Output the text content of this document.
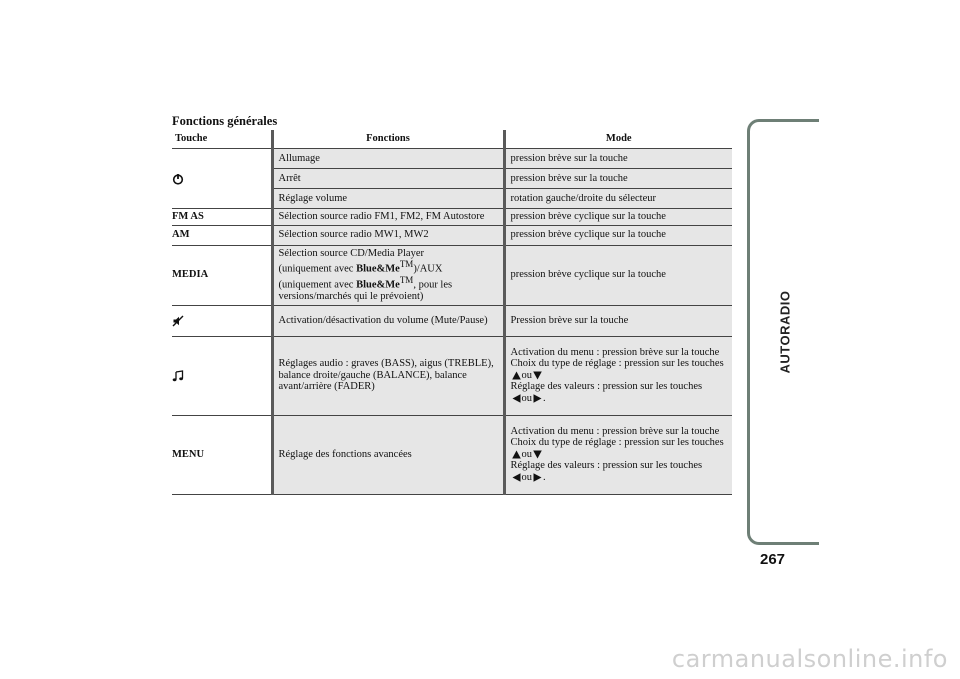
Fonctions générales
Touche	Fonctions	Mode
	Allumage	pression brève sur la touche
	Arrêt	pression brève sur la touche
	Réglage volume	rotation gauche/droite du sélecteur
FM AS	Sélection source radio FM1, FM2, FM Autostore	pression brève cyclique sur la touche
AM	Sélection source radio MW1, MW2	pression brève cyclique sur la touche
MEDIA	Sélection source CD/Media Player
(uniquement avec Blue&MeTM)/AUX
(uniquement avec Blue&MeTM, pour les versions/marchés qui le prévoient)	pression brève cyclique sur la touche
	Activation/désactivation du volume (Mute/Pause)	Pression brève sur la touche
	Réglages audio : graves (BASS), aigus (TREBLE), balance droite/gauche (BALANCE), balance avant/arrière (FADER)	Activation du menu : pression brève sur la touche
Choix du type de réglage : pression sur les touches ou
Réglage des valeurs : pression sur les touches
ou .
MENU	Réglage des fonctions avancées	Activation du menu : pression brève sur la touche
Choix du type de réglage : pression sur les touches ou
Réglage des valeurs : pression sur les touches
ou .
AUTORADIO
267
carmanualsonline.info
